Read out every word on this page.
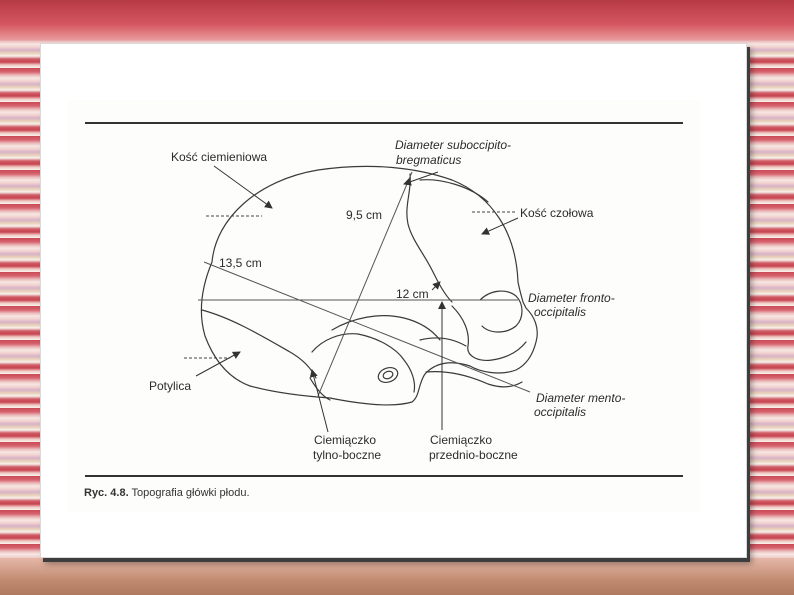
Kość ciemieniowa
Diameter suboccipito-
bregmaticus
Kość czołowa
9,5 cm
13,5 cm
12 cm	Diameter fronto-
occipitalis
Potylica
Diameter mento-
occipitalis
Ciemiączko
tylno-boczne
Ciemiączko
przednio-boczne
Ryc. 4.8. Topografia główki płodu.
